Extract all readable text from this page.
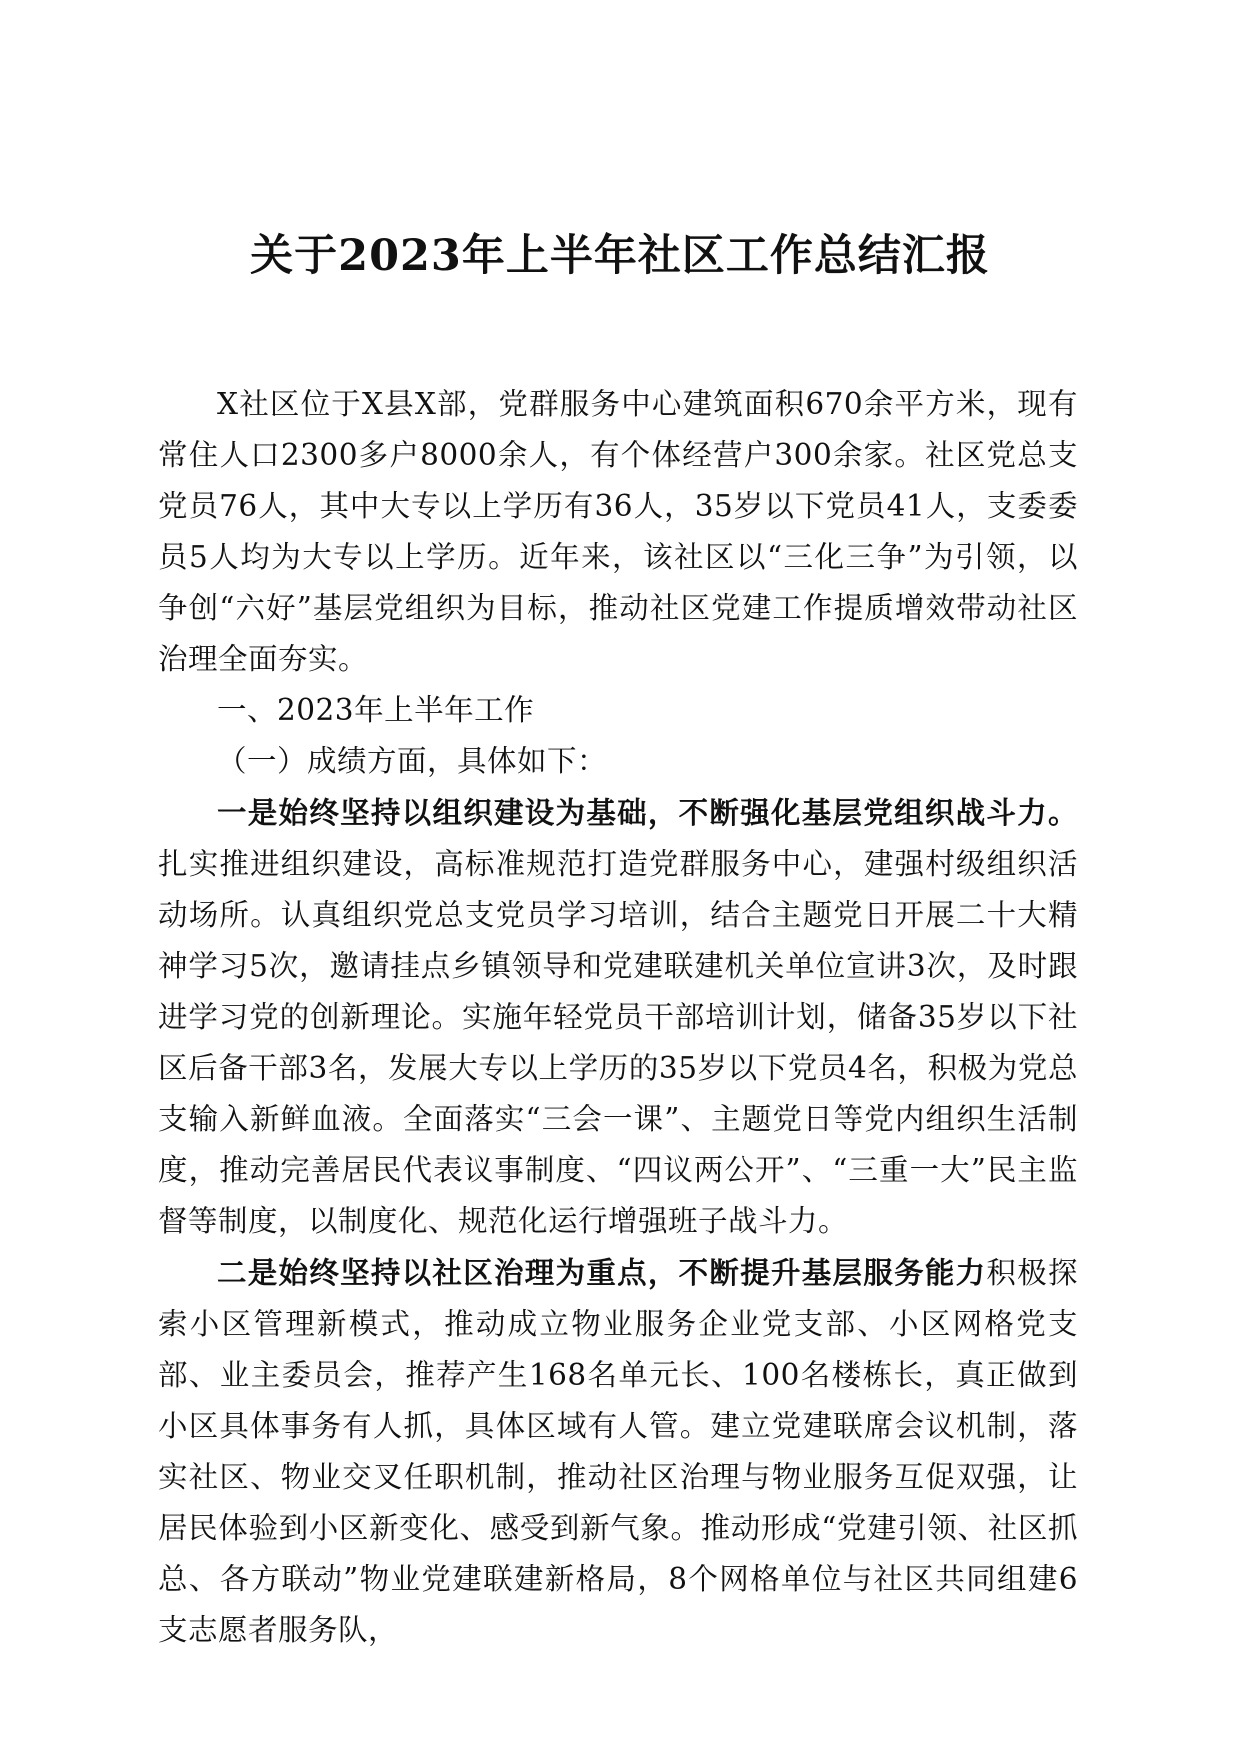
关于2023年上半年社区工作总结汇报

X社区位于X县X部，党群服务中心建筑面积670余平方米，现有常住人口2300多户8000余人，有个体经营户300余家。社区党总支党员76人，其中大专以上学历有36人，35岁以下党员41人，支委委员5人均为大专以上学历。近年来，该社区以“三化三争”为引领，以争创“六好”基层党组织为目标，推动社区党建工作提质增效带动社区治理全面夯实。

一、2023年上半年工作

（一）成绩方面，具体如下：

一是始终坚持以组织建设为基础，不断强化基层党组织战斗力。扎实推进组织建设，高标准规范打造党群服务中心，建强村级组织活动场所。认真组织党总支党员学习培训，结合主题党日开展二十大精神学习5次，邀请挂点乡镇领导和党建联建机关单位宣讲3次，及时跟进学习党的创新理论。实施年轻党员干部培训计划，储备35岁以下社区后备干部3名，发展大专以上学历的35岁以下党员4名，积极为党总支输入新鲜血液。全面落实“三会一课”、主题党日等党内组织生活制度，推动完善居民代表议事制度、“四议两公开”、“三重一大”民主监督等制度，以制度化、规范化运行增强班子战斗力。

二是始终坚持以社区治理为重点，不断提升基层服务能力积极探索小区管理新模式，推动成立物业服务企业党支部、小区网格党支部、业主委员会，推荐产生168名单元长、100名楼栋长，真正做到小区具体事务有人抓，具体区域有人管。建立党建联席会议机制，落实社区、物业交叉任职机制，推动社区治理与物业服务互促双强，让居民体验到小区新变化、感受到新气象。推动形成“党建引领、社区抓总、各方联动”物业党建联建新格局，8个网格单位与社区共同组建6支志愿者服务队，
